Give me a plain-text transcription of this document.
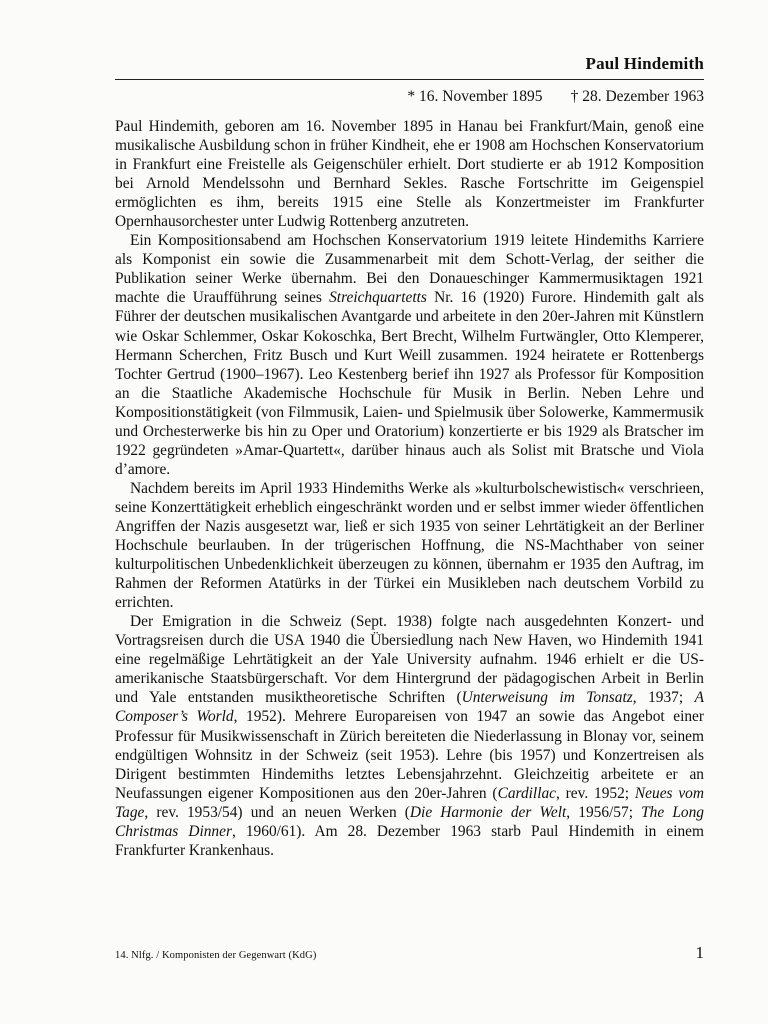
Paul Hindemith
* 16. November 1895 † 28. Dezember 1963

Paul Hindemith, geboren am 16. November 1895 in Hanau bei Frankfurt/Main, genoß eine musikalische Ausbildung schon in früher Kindheit, ehe er 1908 am Hochschen Konservatorium in Frankfurt eine Freistelle als Geigenschüler erhielt. Dort studierte er ab 1912 Komposition bei Arnold Mendelssohn und Bernhard Sekles. Rasche Fortschritte im Geigenspiel ermöglichten es ihm, bereits 1915 eine Stelle als Konzertmeister im Frankfurter Opernhausorchester unter Ludwig Rottenberg anzutreten.

Ein Kompositionsabend am Hochschen Konservatorium 1919 leitete Hindemiths Karriere als Komponist ein sowie die Zusammenarbeit mit dem Schott-Verlag, der seither die Publikation seiner Werke übernahm. Bei den Donaueschinger Kammermusiktagen 1921 machte die Uraufführung seines Streichquartetts Nr. 16 (1920) Furore. Hindemith galt als Führer der deutschen musikalischen Avantgarde und arbeitete in den 20er-Jahren mit Künstlern wie Oskar Schlemmer, Oskar Kokoschka, Bert Brecht, Wilhelm Furtwängler, Otto Klemperer, Hermann Scherchen, Fritz Busch und Kurt Weill zusammen. 1924 heiratete er Rottenbergs Tochter Gertrud (1900–1967). Leo Kestenberg berief ihn 1927 als Professor für Komposition an die Staatliche Akademische Hochschule für Musik in Berlin. Neben Lehre und Kompositionstätigkeit (von Filmmusik, Laien- und Spielmusik über Solowerke, Kammermusik und Orchesterwerke bis hin zu Oper und Oratorium) konzertierte er bis 1929 als Bratscher im 1922 gegründeten »Amar-Quartett«, darüber hinaus auch als Solist mit Bratsche und Viola d’amore.

Nachdem bereits im April 1933 Hindemiths Werke als »kulturbolschewistisch« verschrieen, seine Konzerttätigkeit erheblich eingeschränkt worden und er selbst immer wieder öffentlichen Angriffen der Nazis ausgesetzt war, ließ er sich 1935 von seiner Lehrtätigkeit an der Berliner Hochschule beurlauben. In der trügerischen Hoffnung, die NS-Machthaber von seiner kulturpolitischen Unbedenklichkeit überzeugen zu können, übernahm er 1935 den Auftrag, im Rahmen der Reformen Atatürks in der Türkei ein Musikleben nach deutschem Vorbild zu errichten.

Der Emigration in die Schweiz (Sept. 1938) folgte nach ausgedehnten Konzert- und Vortragsreisen durch die USA 1940 die Übersiedlung nach New Haven, wo Hindemith 1941 eine regelmäßige Lehrtätigkeit an der Yale University aufnahm. 1946 erhielt er die US-amerikanische Staatsbürgerschaft. Vor dem Hintergrund der pädagogischen Arbeit in Berlin und Yale entstanden musiktheoretische Schriften (Unterweisung im Tonsatz, 1937; A Composer’s World, 1952). Mehrere Europareisen von 1947 an sowie das Angebot einer Professur für Musikwissenschaft in Zürich bereiteten die Niederlassung in Blonay vor, seinem endgültigen Wohnsitz in der Schweiz (seit 1953). Lehre (bis 1957) und Konzertreisen als Dirigent bestimmten Hindemiths letztes Lebensjahrzehnt. Gleichzeitig arbeitete er an Neufassungen eigener Kompositionen aus den 20er-Jahren (Cardillac, rev. 1952; Neues vom Tage, rev. 1953/54) und an neuen Werken (Die Harmonie der Welt, 1956/57; The Long Christmas Dinner, 1960/61). Am 28. Dezember 1963 starb Paul Hindemith in einem Frankfurter Krankenhaus.

14. Nlfg. / Komponisten der Gegenwart (KdG)	1
